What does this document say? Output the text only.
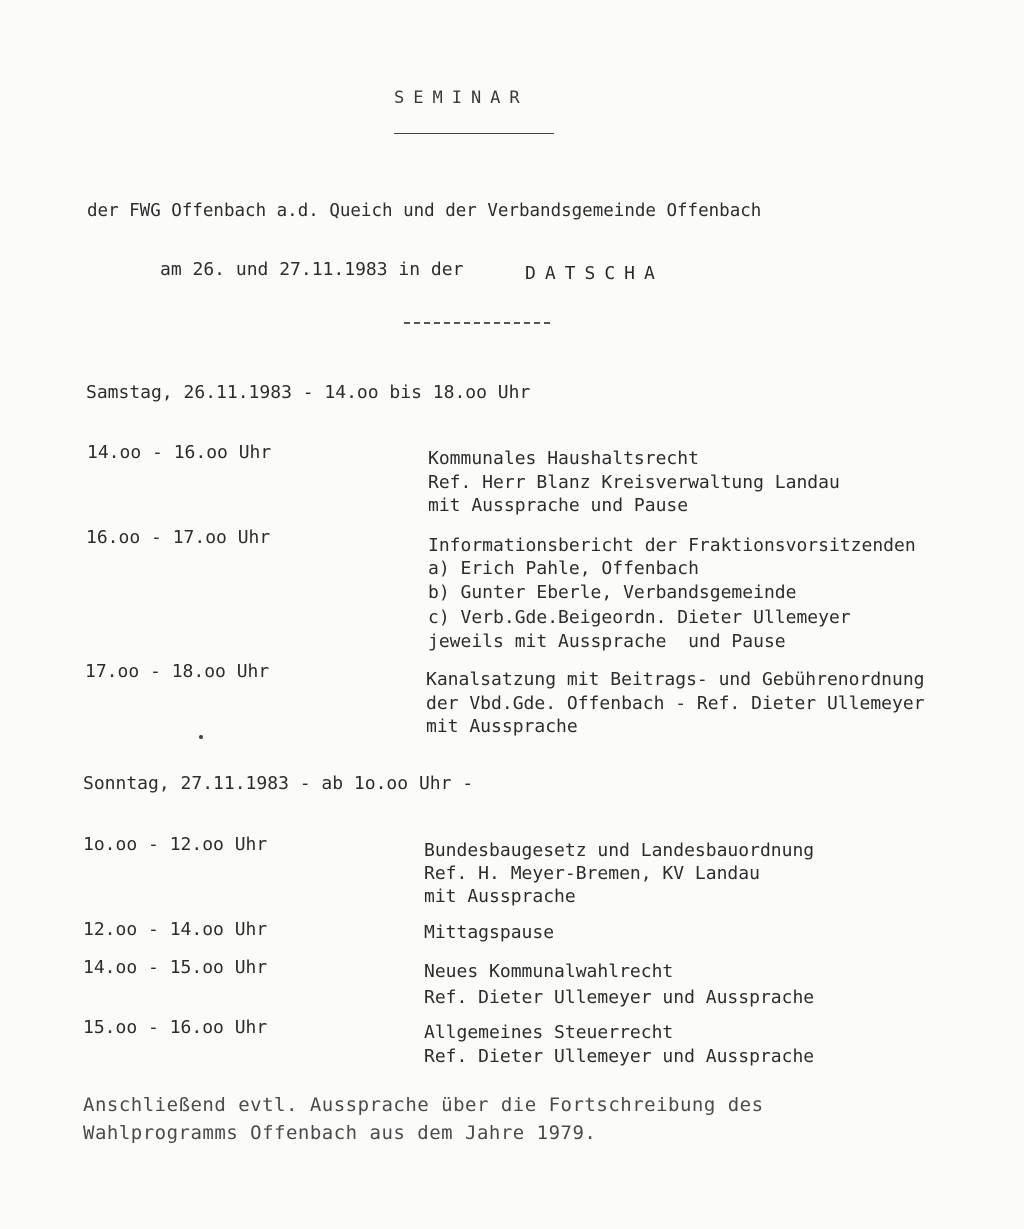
SEMINAR
der FWG Offenbach a.d. Queich und der Verbandsgemeinde Offenbach
am 26. und 27.11.1983 in der	DATSCHA
Samstag, 26.11.1983 - 14.oo bis 18.oo Uhr
14.oo - 16.oo Uhr	Kommunales Haushaltsrecht
Ref. Herr Blanz Kreisverwaltung Landau
mit Aussprache und Pause
16.oo - 17.oo Uhr	Informationsbericht der Fraktionsvorsitzenden
a) Erich Pahle, Offenbach
b) Gunter Eberle, Verbandsgemeinde
c) Verb.Gde.Beigeordn. Dieter Ullemeyer
jeweils mit Aussprache  und Pause
17.oo - 18.oo Uhr	Kanalsatzung mit Beitrags- und Gebührenordnung
der Vbd.Gde. Offenbach - Ref. Dieter Ullemeyer
mit Aussprache
Sonntag, 27.11.1983 - ab 1o.oo Uhr -
1o.oo - 12.oo Uhr	Bundesbaugesetz und Landesbauordnung
Ref. H. Meyer-Bremen, KV Landau
mit Aussprache
12.oo - 14.oo Uhr	Mittagspause
14.oo - 15.oo Uhr	Neues Kommunalwahlrecht
Ref. Dieter Ullemeyer und Aussprache
15.oo - 16.oo Uhr	Allgemeines Steuerrecht
Ref. Dieter Ullemeyer und Aussprache
Anschließend evtl. Aussprache über die Fortschreibung des
Wahlprogramms Offenbach aus dem Jahre 1979.
